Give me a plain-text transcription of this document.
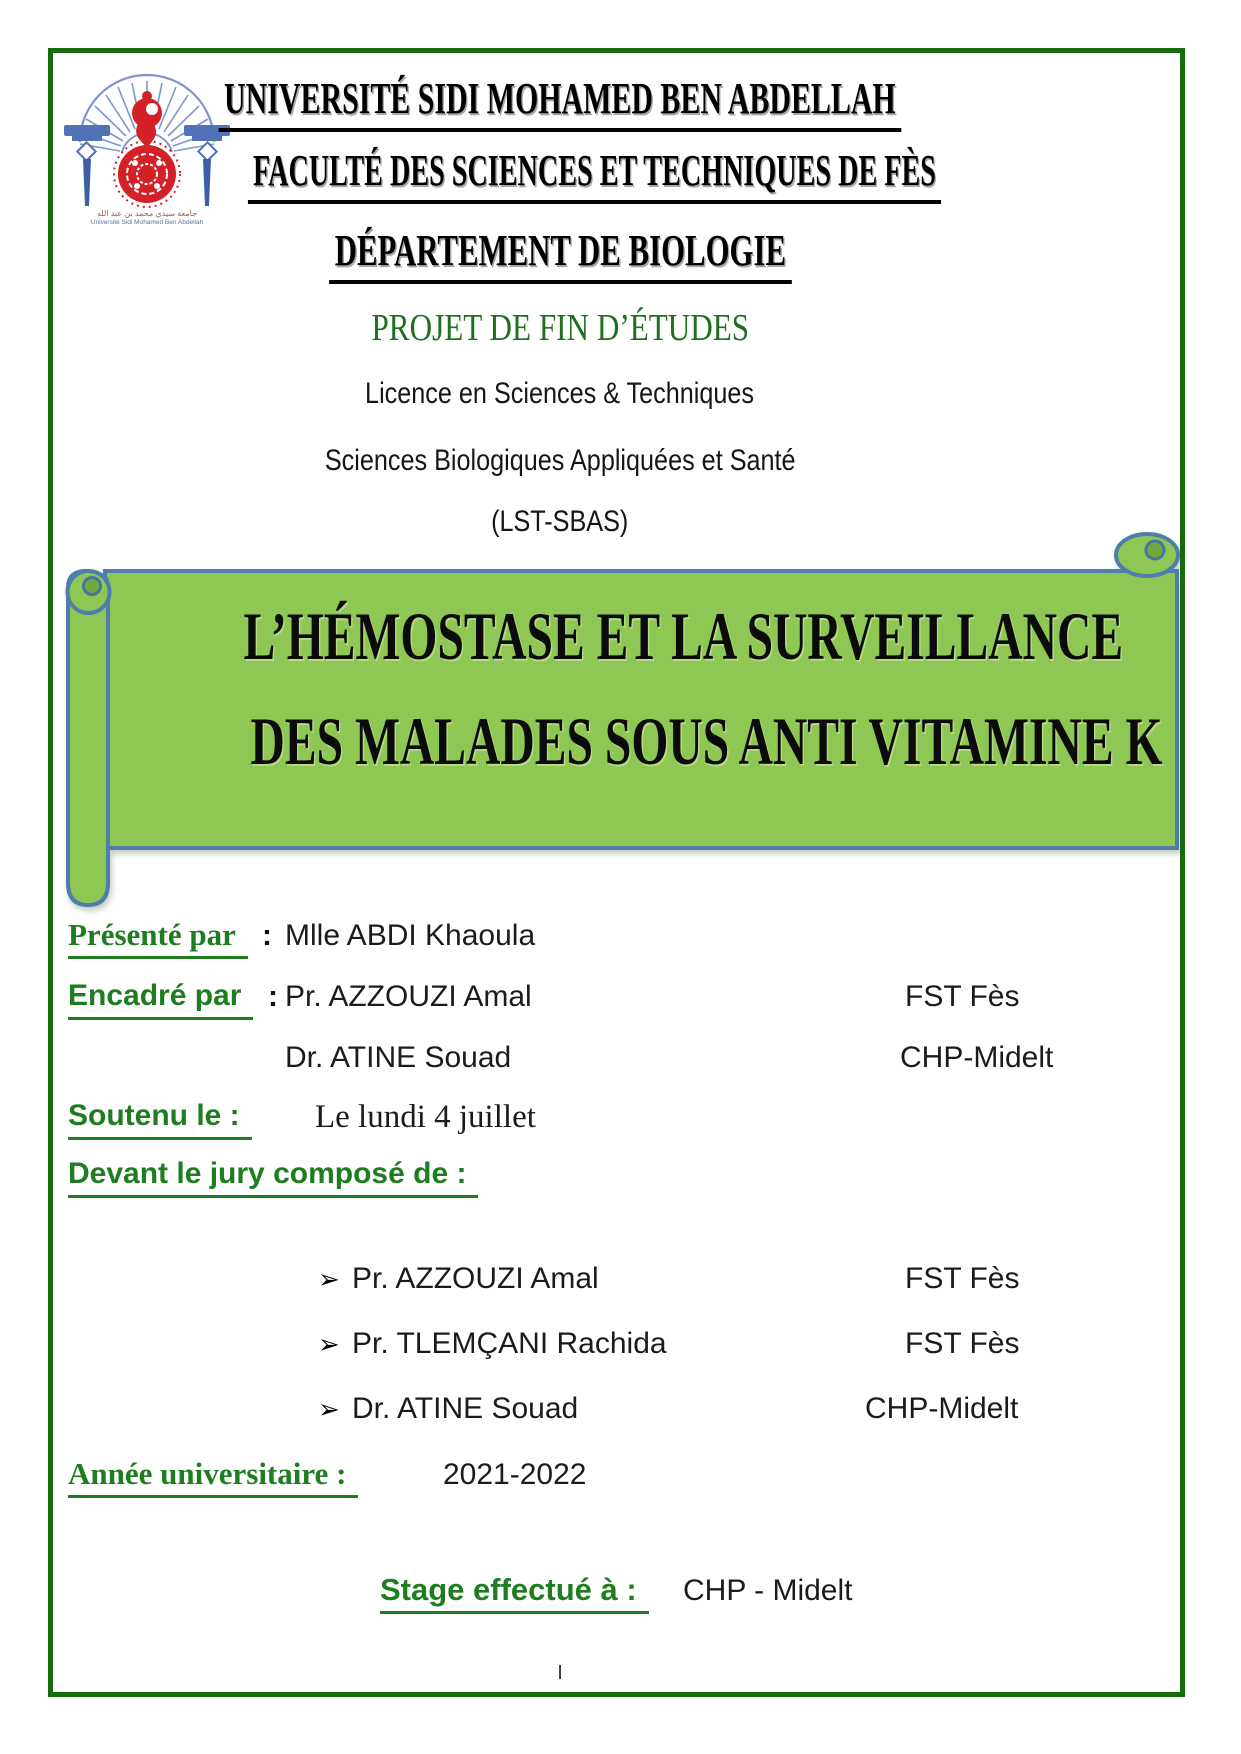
جامعة سيدي محمد بن عبد الله
Université Sidi Mohamed Ben Abdellah
UNIVERSITÉ SIDI MOHAMED BEN ABDELLAH
FACULTÉ DES SCIENCES ET TECHNIQUES DE FÈS
DÉPARTEMENT DE BIOLOGIE
PROJET DE FIN D’ÉTUDES
Licence en Sciences & Techniques
Sciences Biologiques Appliquées et Santé
(LST-SBAS)
L’HÉMOSTASE ET LA SURVEILLANCE
DES MALADES SOUS ANTI VITAMINE K
Présenté par : Mlle ABDI Khaoula
Encadré par : Pr. AZZOUZI Amal	FST Fès
Dr. ATINE Souad	CHP-Midelt
Soutenu le :	Le lundi 4 juillet
Devant le jury composé de :
➢ Pr. AZZOUZI Amal	FST Fès
➢ Pr. TLEMÇANI Rachida	FST Fès
➢ Dr. ATINE Souad	CHP-Midelt
Année universitaire :	2021-2022
Stage effectué à :	CHP - Midelt
I
